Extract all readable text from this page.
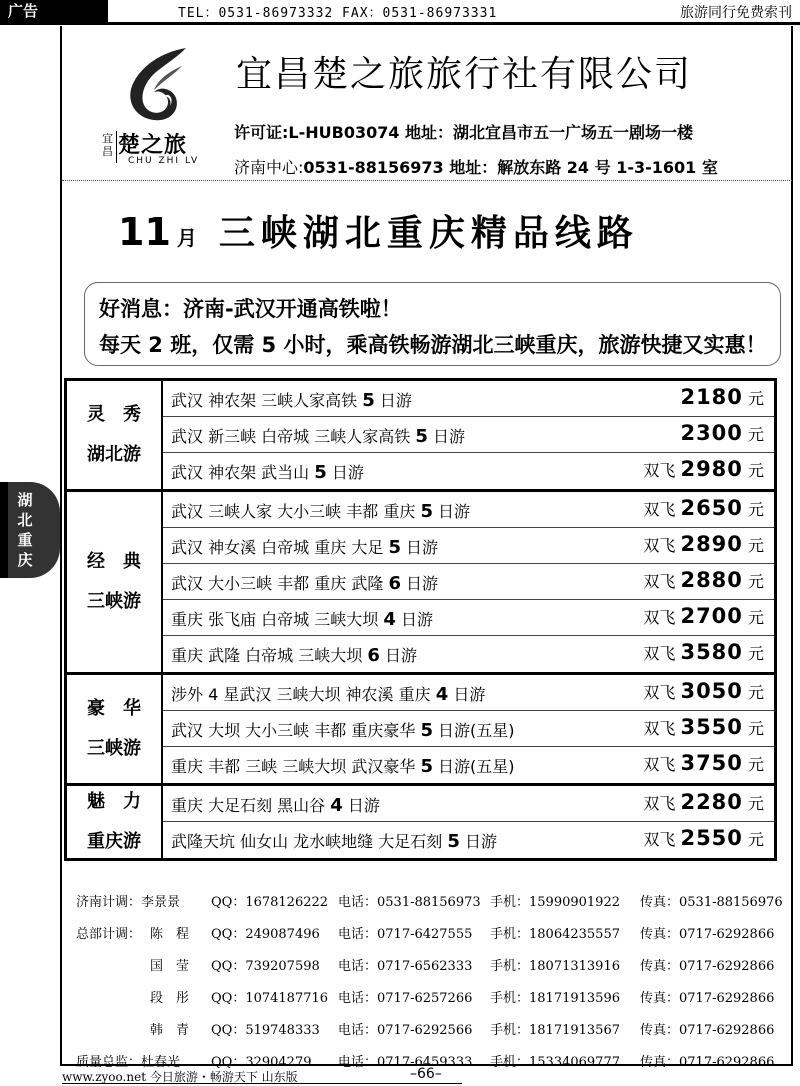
广告	TEL：0531-86973332 FAX：0531-86973331	旅游同行免费索刊
宜昌 楚之旅
CHU ZHI LV
宜昌楚之旅旅行社有限公司
许可证:L-HUB03074 地址：湖北宜昌市五一广场五一剧场一楼
济南中心:0531-88156973 地址：解放东路 24 号 1-3-1601 室
11 月 三峡湖北重庆精品线路
好消息：济南-武汉开通高铁啦！
每天 2 班，仅需 5 小时，乘高铁畅游湖北三峡重庆，旅游快捷又实惠！
湖北重庆
灵　秀
湖北游
武汉 神农架 三峡人家高铁 5 日游	2180 元
武汉 新三峡 白帝城 三峡人家高铁 5 日游	2300 元
武汉 神农架 武当山 5 日游	双飞 2980 元
经　典
三峡游
武汉 三峡人家 大小三峡 丰都 重庆 5 日游	双飞 2650 元
武汉 神女溪 白帝城 重庆 大足 5 日游	双飞 2890 元
武汉 大小三峡 丰都 重庆 武隆 6 日游	双飞 2880 元
重庆 张飞庙 白帝城 三峡大坝 4 日游	双飞 2700 元
重庆 武隆 白帝城 三峡大坝 6 日游	双飞 3580 元
豪　华
三峡游
涉外 4 星武汉 三峡大坝 神农溪 重庆 4 日游	双飞 3050 元
武汉 大坝 大小三峡 丰都 重庆豪华 5 日游(五星)	双飞 3550 元
重庆 丰都 三峡 三峡大坝 武汉豪华 5 日游(五星)	双飞 3750 元
魅　力
重庆游
重庆 大足石刻 黑山谷 4 日游	双飞 2280 元
武隆天坑 仙女山 龙水峡地缝 大足石刻 5 日游	双飞 2550 元
济南计调：李景景 QQ：1678126222 电话：0531-88156973 手机：15990901922 传真：0531-88156976
总部计调： 陈　程 QQ：249087496 电话：0717-6427555 手机：18064235557 传真：0717-6292866
国　莹 QQ：739207598 电话：0717-6562333 手机：18071313916 传真：0717-6292866
段　彤 QQ：1074187716 电话：0717-6257266 手机：18171913596 传真：0717-6292866
韩　青 QQ：519748333 电话：0717-6292566 手机：18171913567 传真：0717-6292866
质量总监：杜春光 QQ：32904279 电话：0717-6459333 手机：15334069777 传真：0717-6292866
www.zyoo.net 今日旅游・畅游天下 山东版	–66–
